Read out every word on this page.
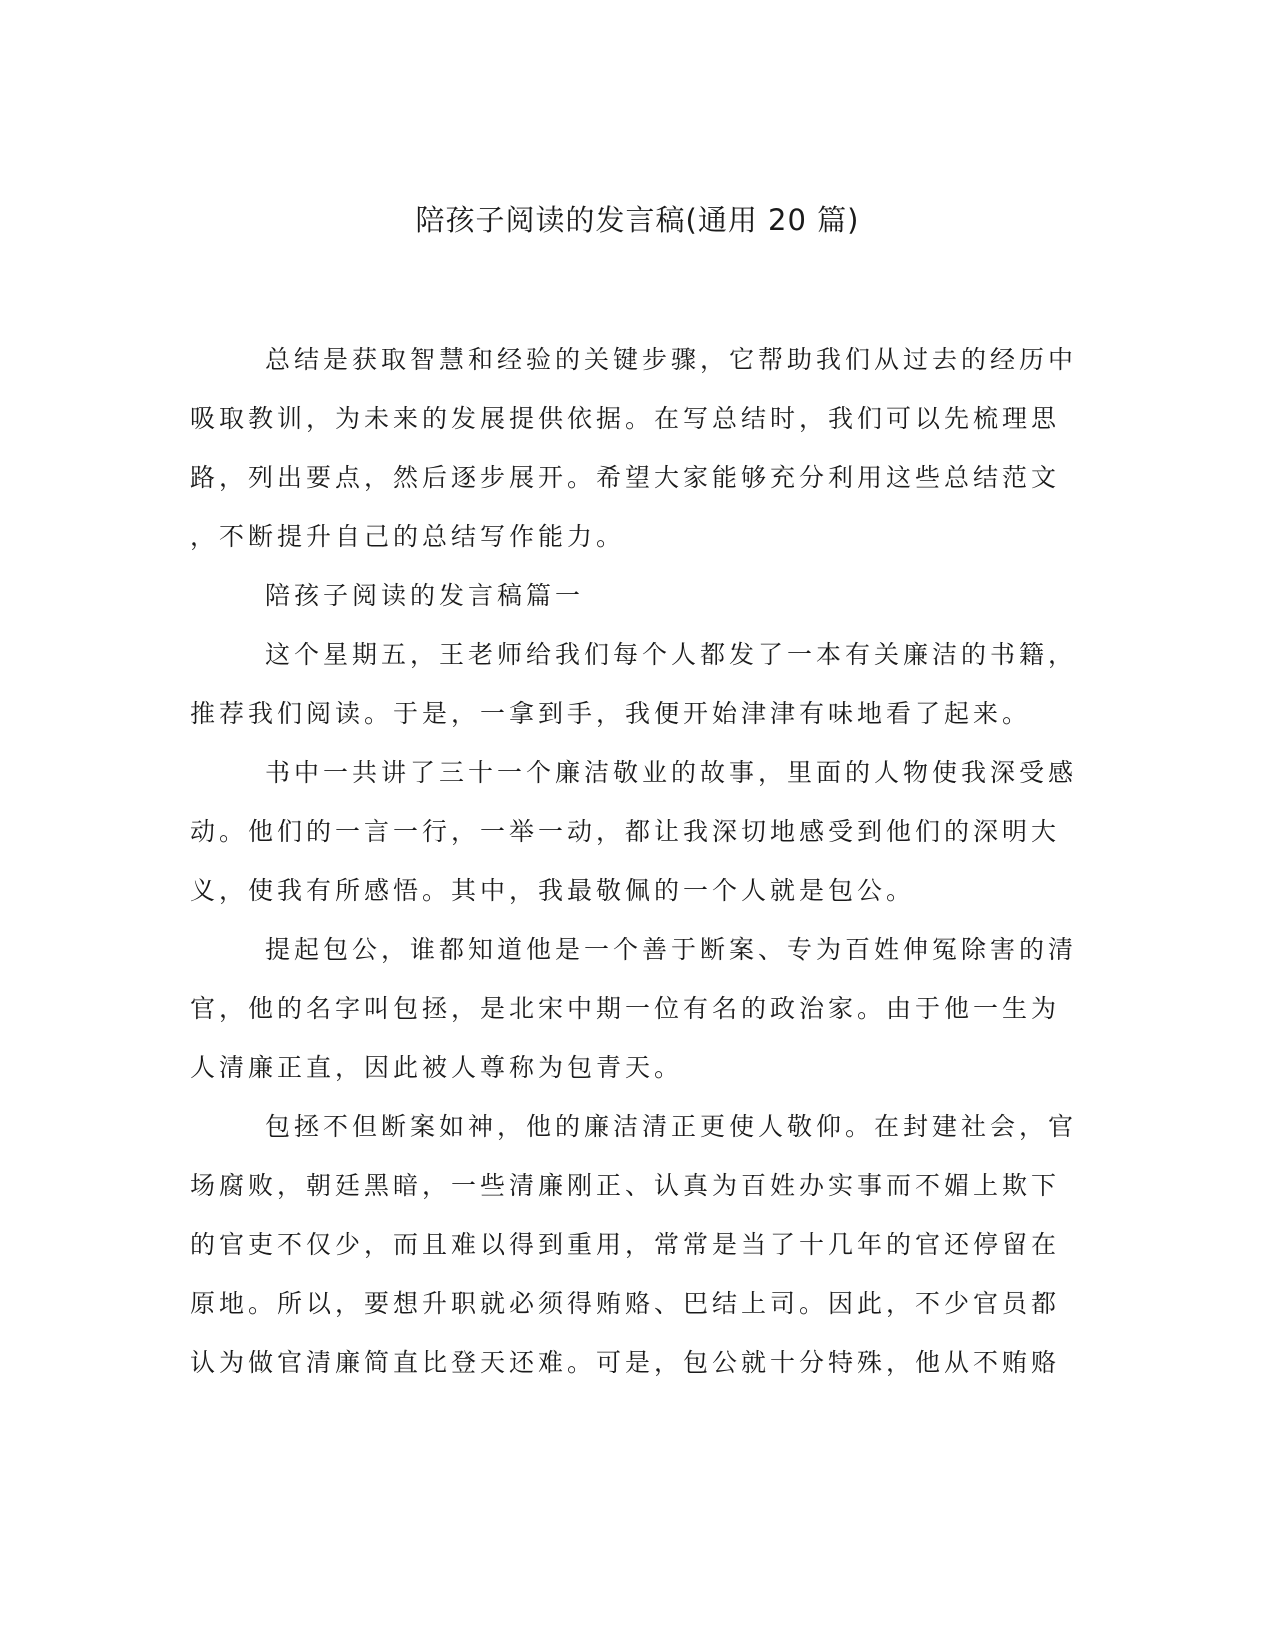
陪孩子阅读的发言稿(通用 20 篇)
总结是获取智慧和经验的关键步骤，它帮助我们从过去的经历中
吸取教训，为未来的发展提供依据。在写总结时，我们可以先梳理思
路，列出要点，然后逐步展开。希望大家能够充分利用这些总结范文
，不断提升自己的总结写作能力。
陪孩子阅读的发言稿篇一
这个星期五，王老师给我们每个人都发了一本有关廉洁的书籍，
推荐我们阅读。于是，一拿到手，我便开始津津有味地看了起来。
书中一共讲了三十一个廉洁敬业的故事，里面的人物使我深受感
动。他们的一言一行，一举一动，都让我深切地感受到他们的深明大
义，使我有所感悟。其中，我最敬佩的一个人就是包公。
提起包公，谁都知道他是一个善于断案、专为百姓伸冤除害的清
官，他的名字叫包拯，是北宋中期一位有名的政治家。由于他一生为
人清廉正直，因此被人尊称为包青天。
包拯不但断案如神，他的廉洁清正更使人敬仰。在封建社会，官
场腐败，朝廷黑暗，一些清廉刚正、认真为百姓办实事而不媚上欺下
的官吏不仅少，而且难以得到重用，常常是当了十几年的官还停留在
原地。所以，要想升职就必须得贿赂、巴结上司。因此，不少官员都
认为做官清廉简直比登天还难。可是，包公就十分特殊，他从不贿赂
